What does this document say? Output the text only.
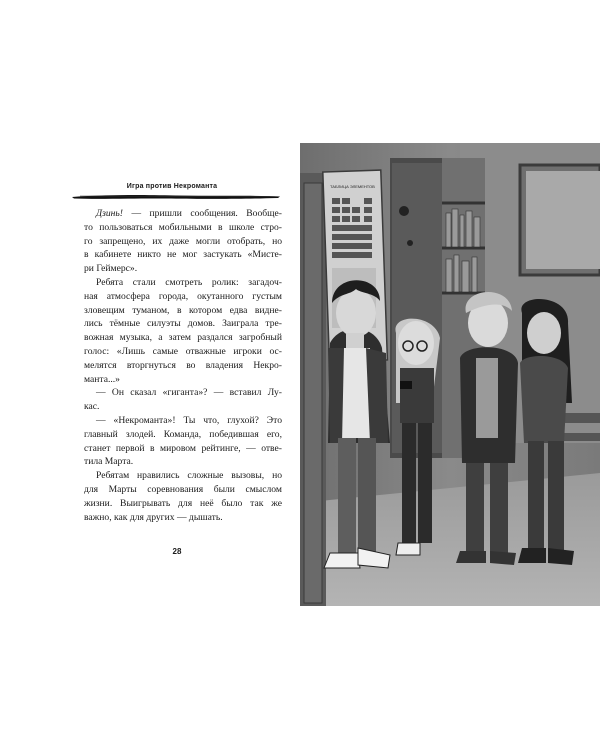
Игра против Некроманта

Дзинь! — пришли сообщения. Вообще-
то пользоваться мобильными в школе стро-
го запрещено, их даже могли отобрать, но
в кабинете никто не мог застукать «Мисте-
ри Геймерс».

Ребята стали смотреть ролик: загадоч-
ная атмосфера города, окутанного густым
зловещим туманом, в котором едва видне-
лись тёмные силуэты домов. Заиграла тре-
вожная музыка, а затем раздался загробный
голос: «Лишь самые отважные игроки ос-
мелятся вторгнуться во владения Некро-
манта...»

— Он сказал «гиганта»? — вставил Лу-
кас.

— «Некроманта»! Ты что, глухой? Это
главный злодей. Команда, победившая его,
станет первой в мировом рейтинге, — отве-
тила Марта.

Ребятам нравились сложные вызовы, но
для Марты соревнования были смыслом
жизни. Выигрывать для неё было так же
важно, как для других — дышать.

28
ТАБЛИЦА ЭЛЕМЕНТОВ
